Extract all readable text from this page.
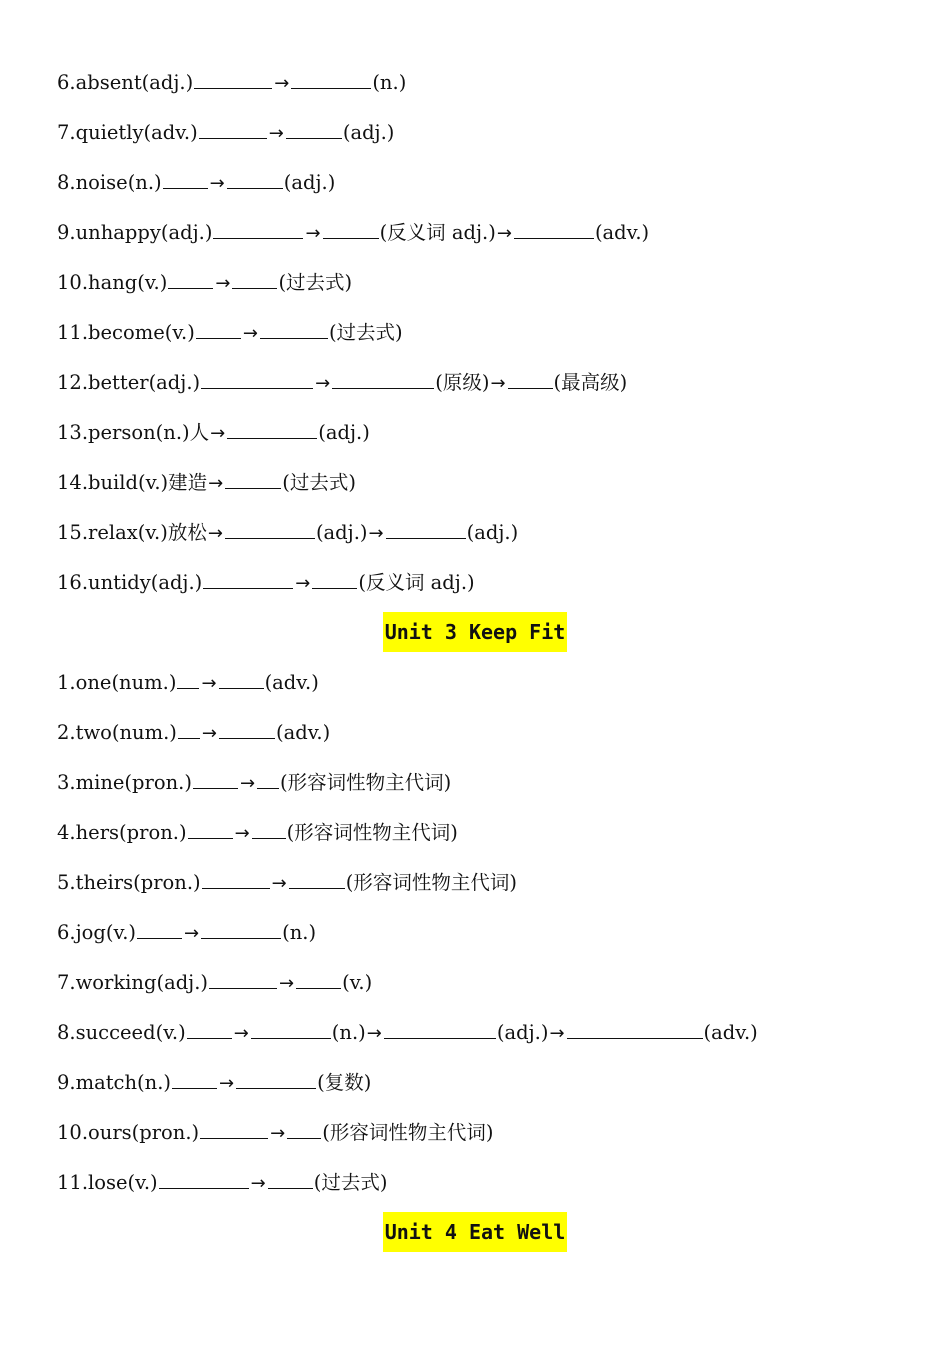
6.absent(adj.)	→	(n.)
7.quietly(adv.)	→	(adj.)
8.noise(n.)	→	(adj.)
9.unhappy(adj.)	→	(反义词 adj.)→	(adv.)
10.hang(v.)	→ (过去式)
11.become(v.)	→	(过去式)
12.better(adj.)	→	(原级)→ (最高级)
13.person(n.)人→	(adj.)
14.build(v.)建造→	(过去式)
15.relax(v.)放松→	(adj.)→	(adj.)
16.untidy(adj.)	→ (反义词 adj.)
Unit 3 Keep Fit
1.one(num.) → (adv.)
2.two(num.) →	(adv.)
3.mine(pron.)	→ (形容词性物主代词)
4.hers(pron.)	→ (形容词性物主代词)
5.theirs(pron.)	→	(形容词性物主代词)
6.jog(v.)	→	(n.)
7.working(adj.)	→ (v.)
8.succeed(v.)	→	(n.)→	(adj.)→	(adv.)
9.match(n.)	→	(复数)
10.ours(pron.)	→ (形容词性物主代词)
11.lose(v.)	→ (过去式)
Unit 4 Eat Well
